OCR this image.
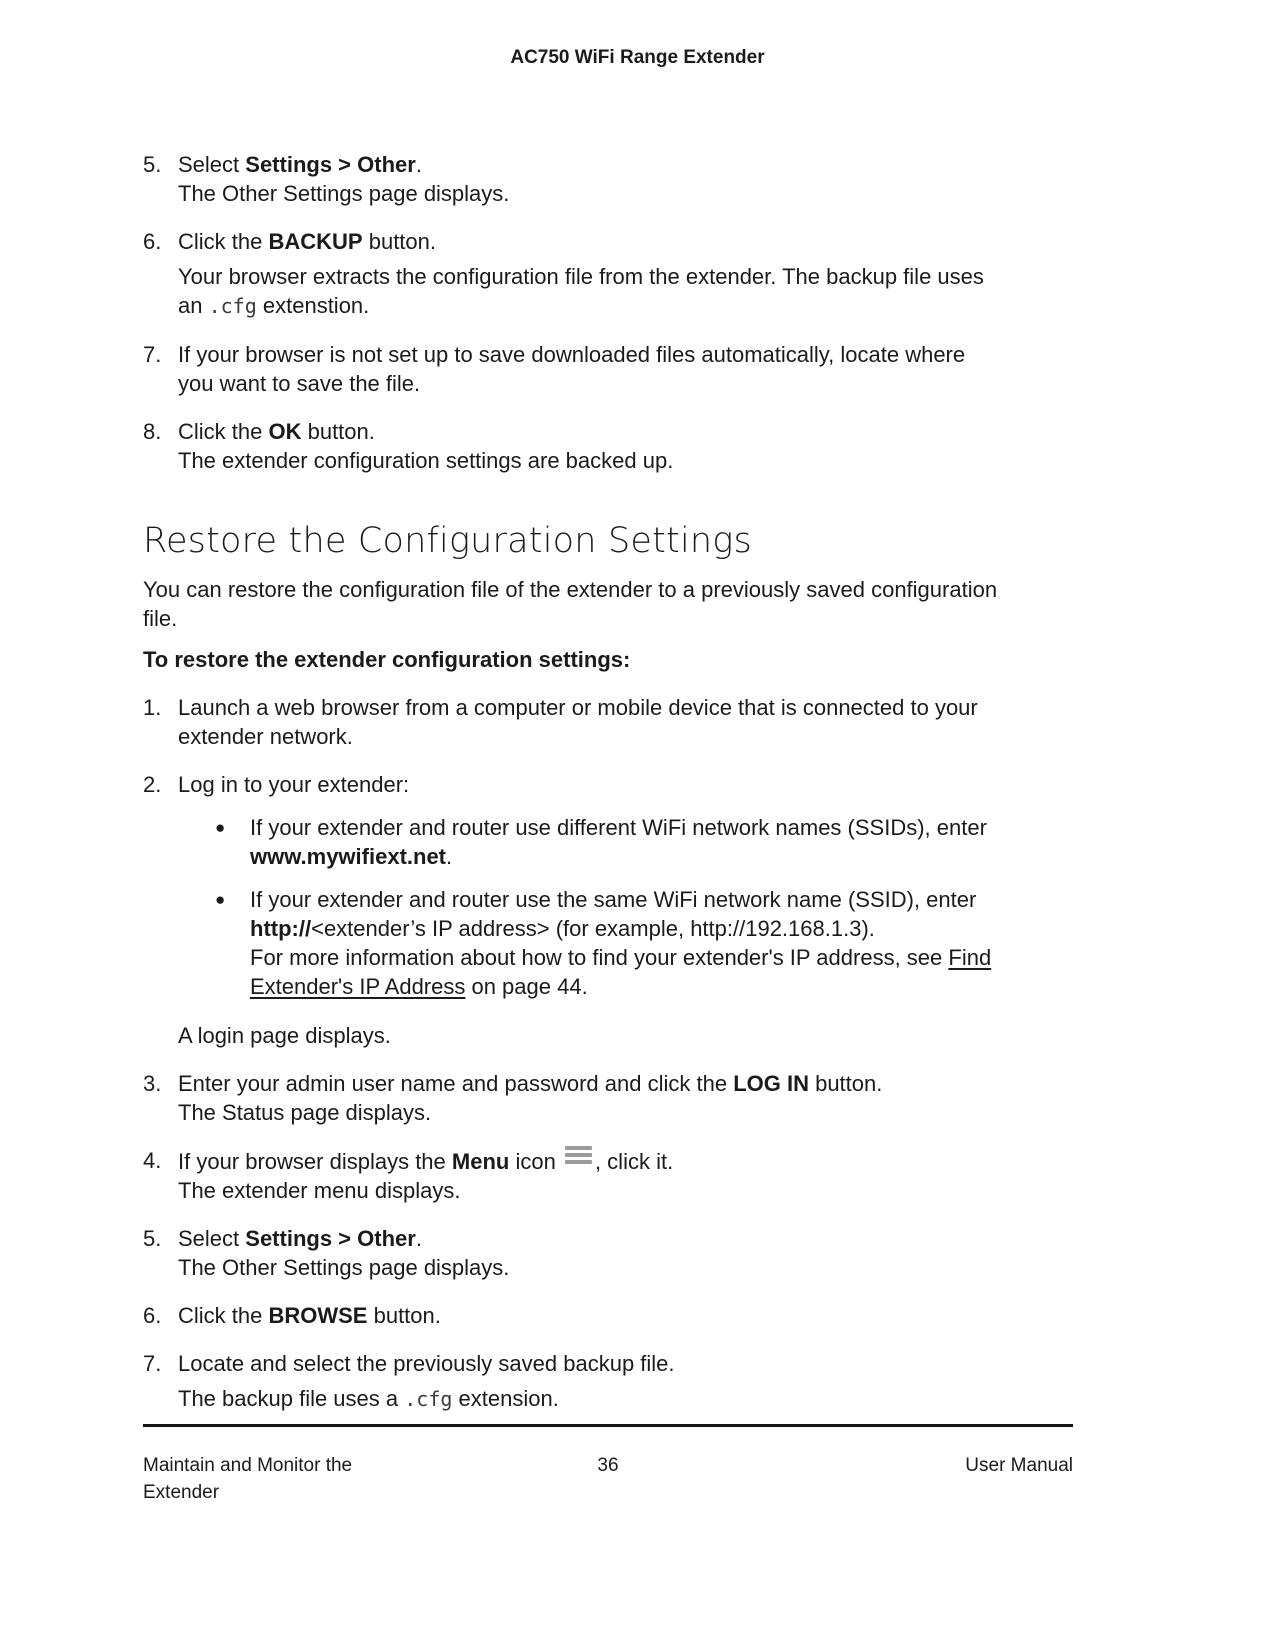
AC750 WiFi Range Extender
5. Select Settings > Other.
The Other Settings page displays.
6. Click the BACKUP button.
Your browser extracts the configuration file from the extender. The backup file uses
an .cfg extenstion.
7. If your browser is not set up to save downloaded files automatically, locate where
you want to save the file.
8. Click the OK button.
The extender configuration settings are backed up.
Restore the Configuration Settings
You can restore the configuration file of the extender to a previously saved configuration
file.
To restore the extender configuration settings:
1. Launch a web browser from a computer or mobile device that is connected to your
extender network.
2. Log in to your extender:
●	If your extender and router use different WiFi network names (SSIDs), enter
www.mywifiext.net.
●	If your extender and router use the same WiFi network name (SSID), enter
http://<extender’s IP address> (for example, http://192.168.1.3).
For more information about how to find your extender's IP address, see Find
Extender's IP Address on page 44.
A login page displays.
3. Enter your admin user name and password and click the LOG IN button.
The Status page displays.
4. If your browser displays the Menu icon
, click it.
The extender menu displays.
5. Select Settings > Other.
The Other Settings page displays.
6. Click the BROWSE button.
7. Locate and select the previously saved backup file.
The backup file uses a .cfg extension.
Maintain and Monitor the
Extender
36	User Manual
